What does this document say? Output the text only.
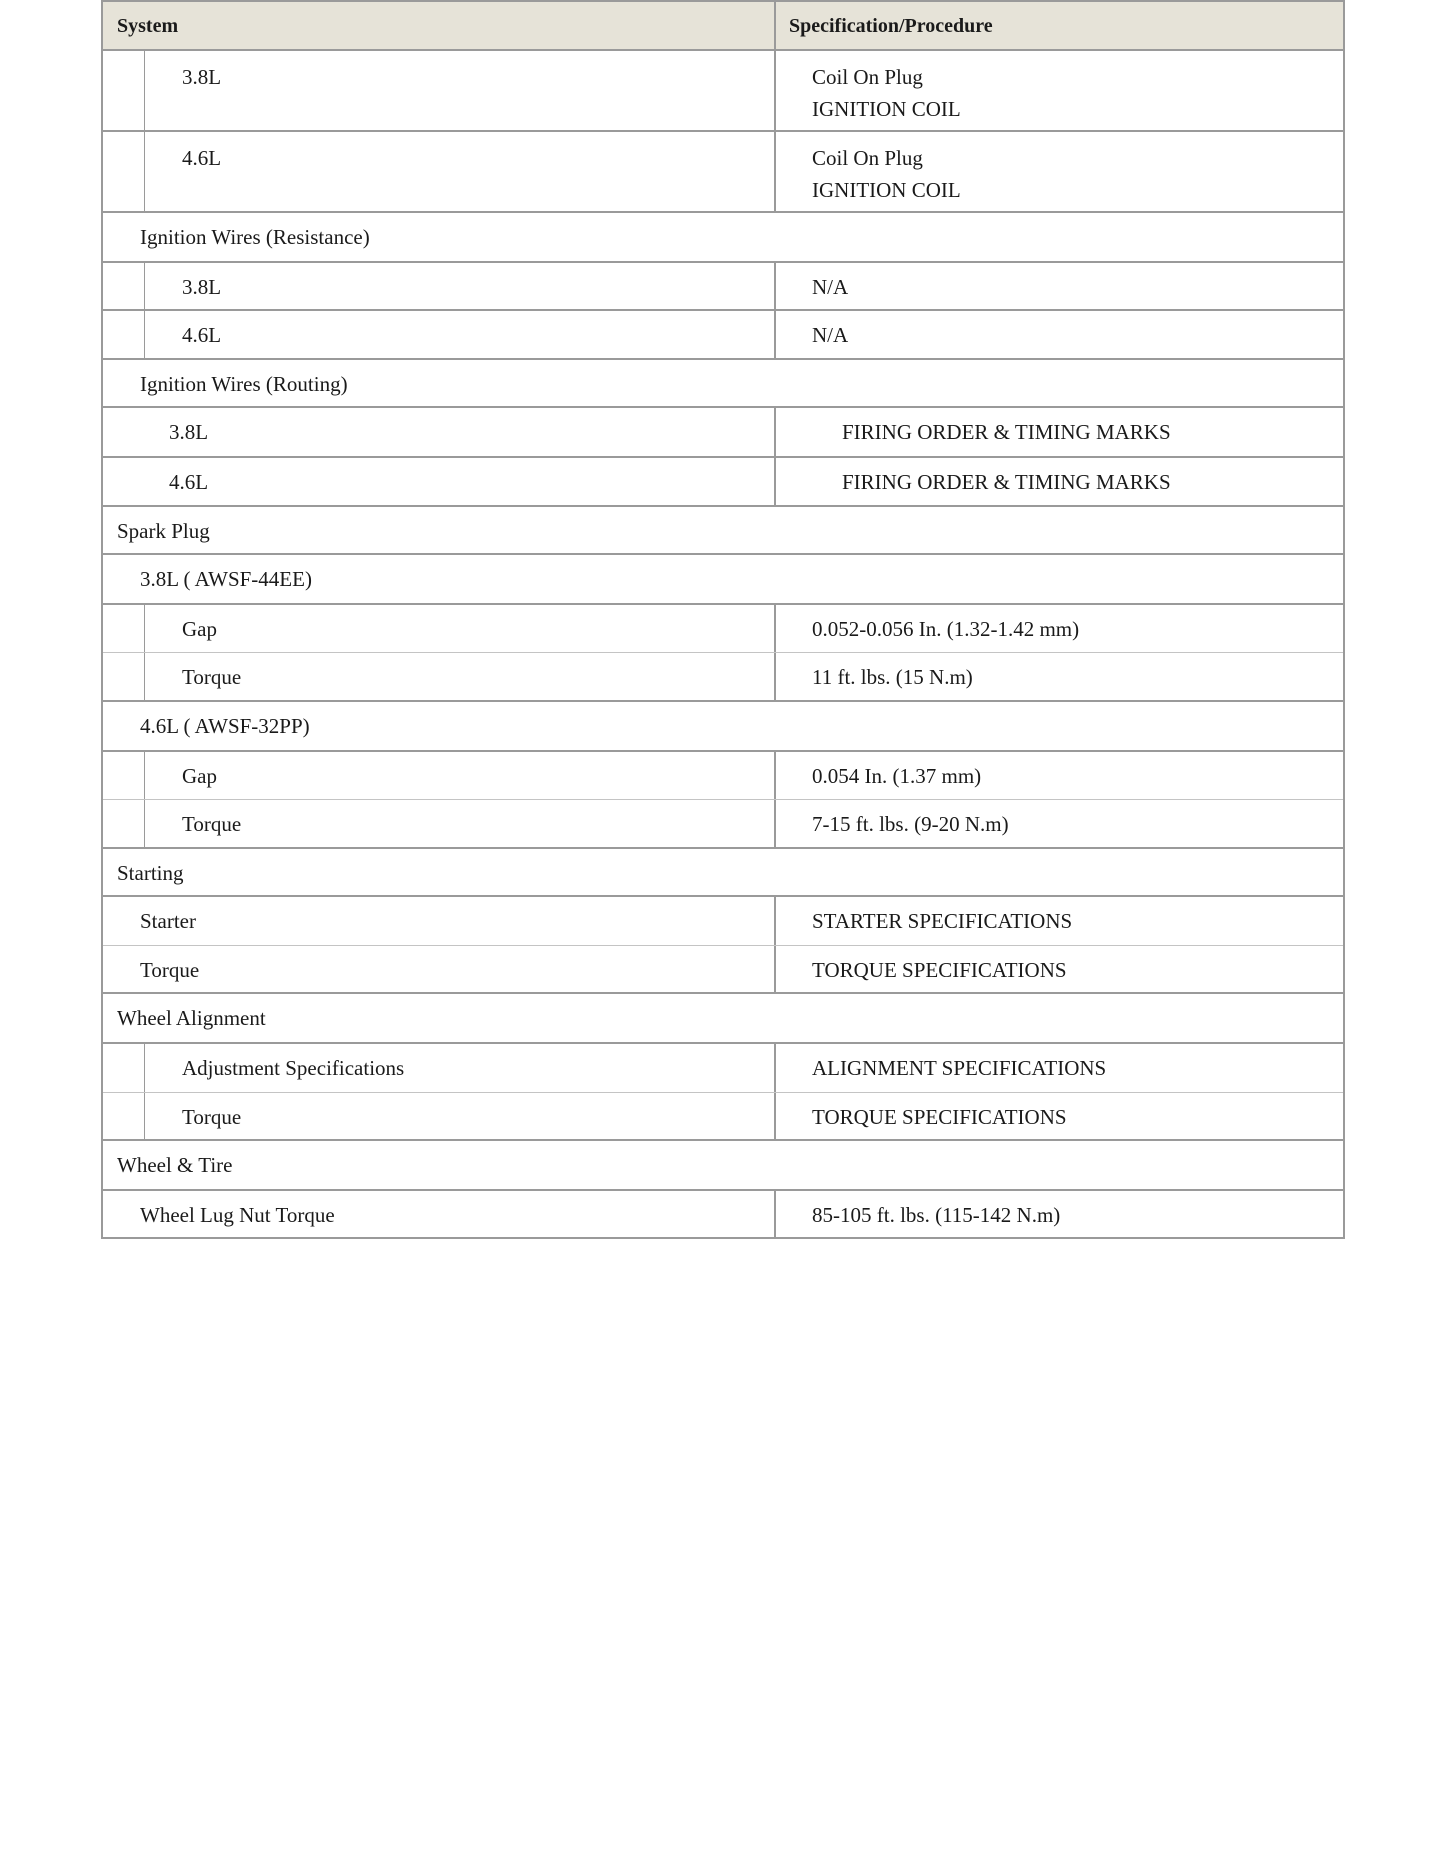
System	Specification/Procedure
3.8L	Coil On Plug
IGNITION COIL
4.6L	Coil On Plug
IGNITION COIL
Ignition Wires (Resistance)
3.8L	N/A
4.6L	N/A
Ignition Wires (Routing)
3.8L	FIRING ORDER & TIMING MARKS
4.6L	FIRING ORDER & TIMING MARKS
Spark Plug
3.8L ( AWSF-44EE)
Gap	0.052-0.056 In. (1.32-1.42 mm)
Torque	11 ft. lbs. (15 N.m)
4.6L ( AWSF-32PP)
Gap	0.054 In. (1.37 mm)
Torque	7-15 ft. lbs. (9-20 N.m)
Starting
Starter	STARTER SPECIFICATIONS
Torque	TORQUE SPECIFICATIONS
Wheel Alignment
Adjustment Specifications	ALIGNMENT SPECIFICATIONS
Torque	TORQUE SPECIFICATIONS
Wheel & Tire
Wheel Lug Nut Torque	85-105 ft. lbs. (115-142 N.m)
